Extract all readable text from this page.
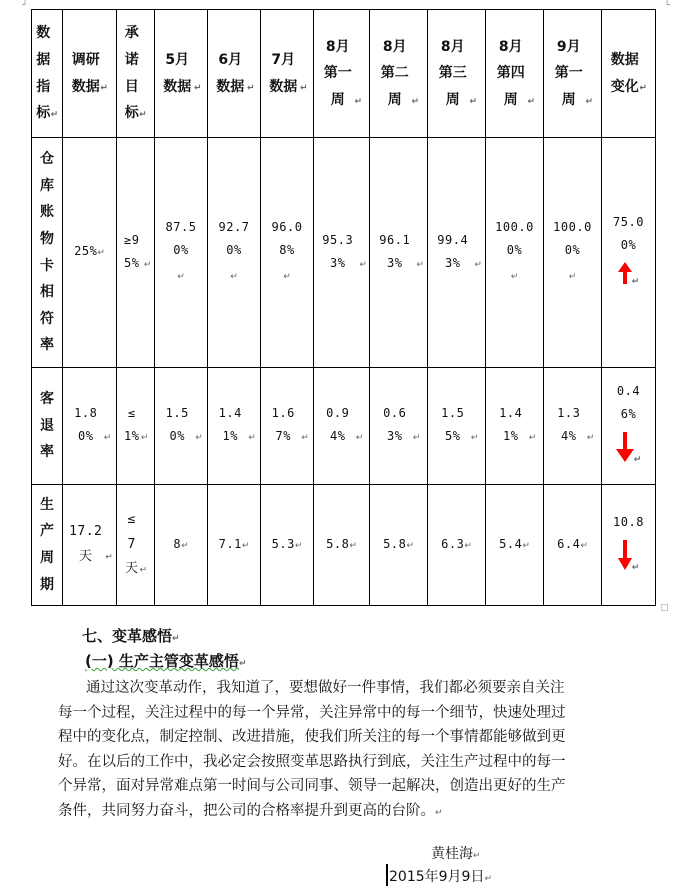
┘	└
数据指标↵	调研数据↵	承诺目标↵	5月数据 ↵	6月数据 ↵	7月数据 ↵	8月第一周 ↵	8月第二周 ↵	8月第三周 ↵	8月第四周 ↵	9月第一周 ↵	数据变化↵
仓库账物卡相符率	25%↵	≥95% ↵	87.50%↵	92.70%↵	96.08%↵	95.33% ↵	96.13% ↵	99.43% ↵	100.00%↵	100.00%↵	75.00%
↵

客退率	1.80% ↵	≤1%↵	1.50% ↵	1.41% ↵	1.67% ↵	0.94% ↵	0.63% ↵	1.55% ↵	1.41% ↵	1.34% ↵	0.46%
↵

生产周期	17.2天 ↵	≤7天↵	8↵	7.1↵	5.3↵	5.8↵	5.8↵	6.3↵	5.4↵	6.4↵	10.8
↵
□
七、变革感悟↵
(一) 生产主管变革感悟↵
通过这次变革动作，我知道了，要想做好一件事情，我们都必须要亲自关注
每一个过程，关注过程中的每一个异常，关注异常中的每一个细节，快速处理过
程中的变化点，制定控制、改进措施，使我们所关注的每一个事情都能够做到更
好。在以后的工作中，我必定会按照变革思路执行到底，关注生产过程中的每一
个异常，面对异常难点第一时间与公司同事、领导一起解决，创造出更好的生产
条件，共同努力奋斗，把公司的合格率提升到更高的台阶。↵
黄桂海↵
2015年9月9日↵
